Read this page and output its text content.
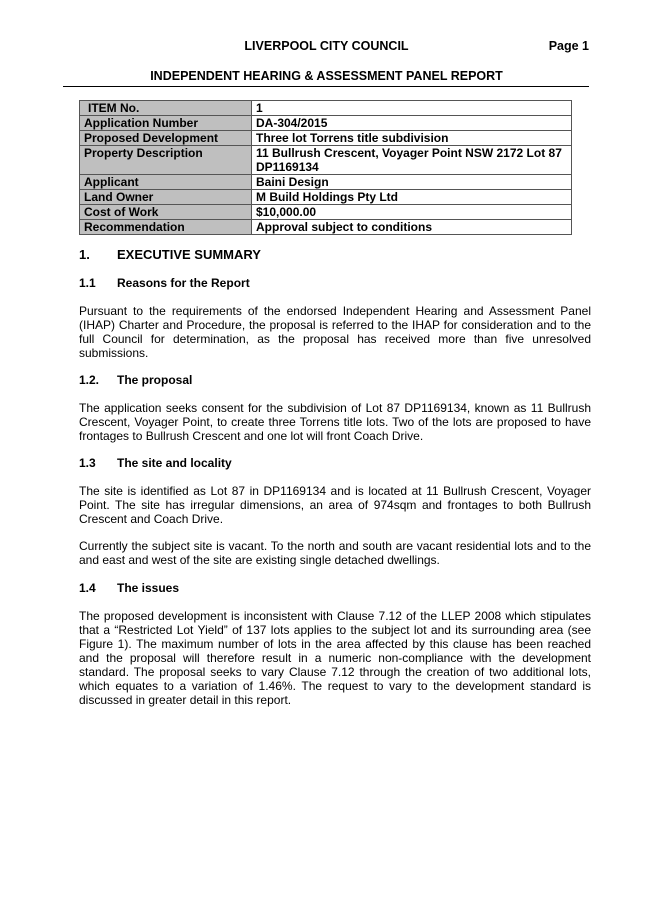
LIVERPOOL CITY COUNCIL	Page 1
INDEPENDENT HEARING & ASSESSMENT PANEL REPORT
ITEM No.	1
Application Number	DA-304/2015
Proposed Development	Three lot Torrens title subdivision
Property Description	11 Bullrush Crescent, Voyager Point NSW 2172 Lot 87 DP1169134
Applicant	Baini Design
Land Owner	M Build Holdings Pty Ltd
Cost of Work	$10,000.00
Recommendation	Approval subject to conditions
1. EXECUTIVE SUMMARY
1.1 Reasons for the Report
Pursuant to the requirements of the endorsed Independent Hearing and Assessment Panel (IHAP) Charter and Procedure, the proposal is referred to the IHAP for consideration and to the full Council for determination, as the proposal has received more than five unresolved submissions.
1.2. The proposal
The application seeks consent for the subdivision of Lot 87 DP1169134, known as 11 Bullrush Crescent, Voyager Point, to create three Torrens title lots. Two of the lots are proposed to have frontages to Bullrush Crescent and one lot will front Coach Drive.
1.3 The site and locality
The site is identified as Lot 87 in DP1169134 and is located at 11 Bullrush Crescent, Voyager Point. The site has irregular dimensions, an area of 974sqm and frontages to both Bullrush Crescent and Coach Drive.
Currently the subject site is vacant. To the north and south are vacant residential lots and to the and east and west of the site are existing single detached dwellings.
1.4 The issues
The proposed development is inconsistent with Clause 7.12 of the LLEP 2008 which stipulates that a “Restricted Lot Yield” of 137 lots applies to the subject lot and its surrounding area (see Figure 1). The maximum number of lots in the area affected by this clause has been reached and the proposal will therefore result in a numeric non-compliance with the development standard. The proposal seeks to vary Clause 7.12 through the creation of two additional lots, which equates to a variation of 1.46%. The request to vary to the development standard is discussed in greater detail in this report.
